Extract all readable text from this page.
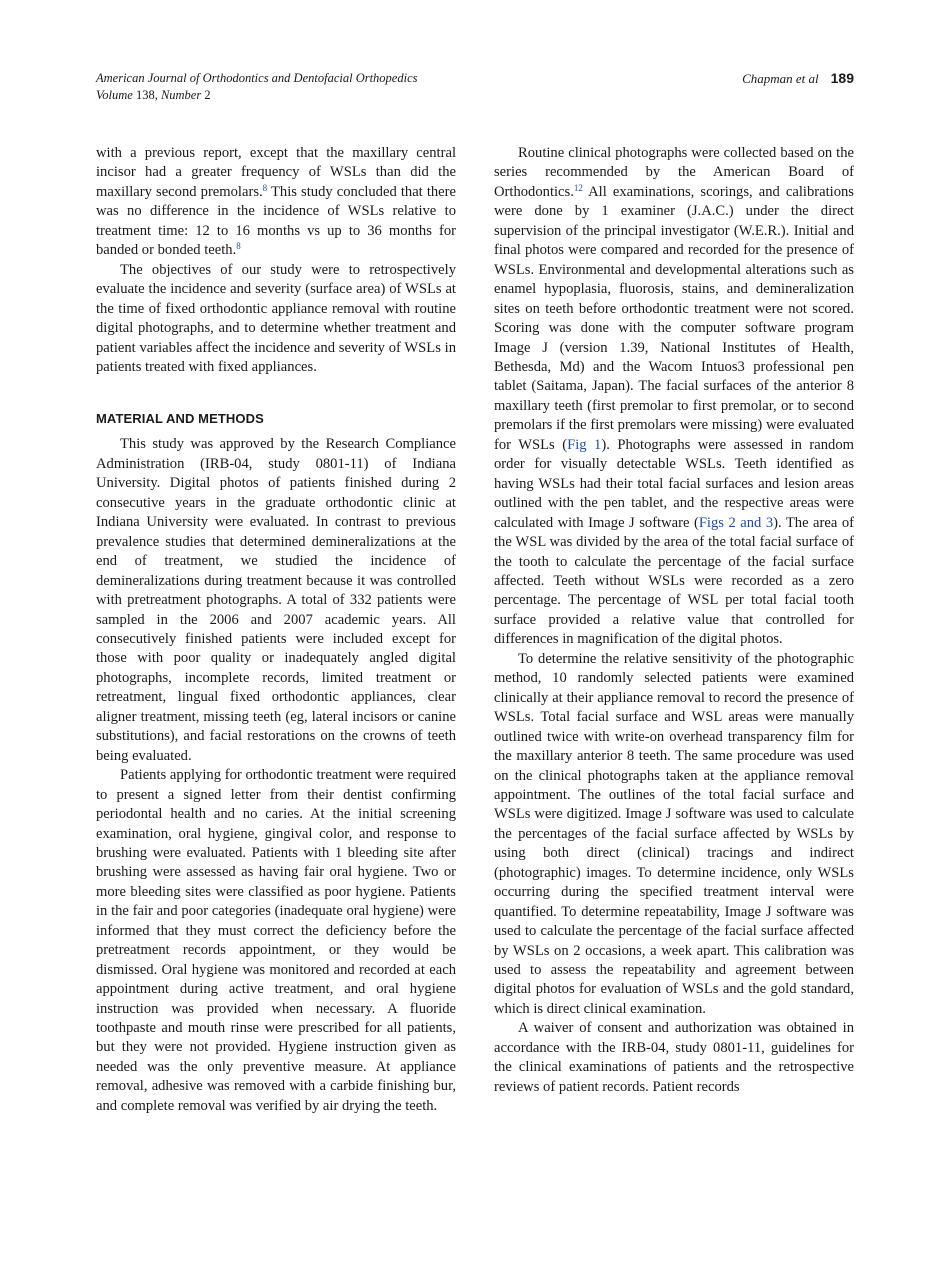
American Journal of Orthodontics and Dentofacial Orthopedics
Volume 138, Number 2
Chapman et al 189

with a previous report, except that the maxillary central incisor had a greater frequency of WSLs than did the maxillary second premolars.$^8$ This study concluded that there was no difference in the incidence of WSLs relative to treatment time: 12 to 16 months vs up to 36 months for banded or bonded teeth.$^8$

The objectives of our study were to retrospectively evaluate the incidence and severity (surface area) of WSLs at the time of fixed orthodontic appliance removal with routine digital photographs, and to determine whether treatment and patient variables affect the incidence and severity of WSLs in patients treated with fixed appliances.

MATERIAL AND METHODS

This study was approved by the Research Compliance Administration (IRB-04, study 0801-11) of Indiana University. Digital photos of patients finished during 2 consecutive years in the graduate orthodontic clinic at Indiana University were evaluated. In contrast to previous prevalence studies that determined demineralizations at the end of treatment, we studied the incidence of demineralizations during treatment because it was controlled with pretreatment photographs. A total of 332 patients were sampled in the 2006 and 2007 academic years. All consecutively finished patients were included except for those with poor quality or inadequately angled digital photographs, incomplete records, limited treatment or retreatment, lingual fixed orthodontic appliances, clear aligner treatment, missing teeth (eg, lateral incisors or canine substitutions), and facial restorations on the crowns of teeth being evaluated.

Patients applying for orthodontic treatment were required to present a signed letter from their dentist confirming periodontal health and no caries. At the initial screening examination, oral hygiene, gingival color, and response to brushing were evaluated. Patients with 1 bleeding site after brushing were assessed as having fair oral hygiene. Two or more bleeding sites were classified as poor hygiene. Patients in the fair and poor categories (inadequate oral hygiene) were informed that they must correct the deficiency before the pretreatment records appointment, or they would be dismissed. Oral hygiene was monitored and recorded at each appointment during active treatment, and oral hygiene instruction was provided when necessary. A fluoride toothpaste and mouth rinse were prescribed for all patients, but they were not provided. Hygiene instruction given as needed was the only preventive measure. At appliance removal, adhesive was removed with a carbide finishing bur, and complete removal was verified by air drying the teeth.

Routine clinical photographs were collected based on the series recommended by the American Board of Orthodontics.$^{12}$ All examinations, scorings, and calibrations were done by 1 examiner (J.A.C.) under the direct supervision of the principal investigator (W.E.R.). Initial and final photos were compared and recorded for the presence of WSLs. Environmental and developmental alterations such as enamel hypoplasia, fluorosis, stains, and demineralization sites on teeth before orthodontic treatment were not scored. Scoring was done with the computer software program Image J (version 1.39, National Institutes of Health, Bethesda, Md) and the Wacom Intuos3 professional pen tablet (Saitama, Japan). The facial surfaces of the anterior 8 maxillary teeth (first premolar to first premolar, or to second premolars if the first premolars were missing) were evaluated for WSLs (Fig 1). Photographs were assessed in random order for visually detectable WSLs. Teeth identified as having WSLs had their total facial surfaces and lesion areas outlined with the pen tablet, and the respective areas were calculated with Image J software (Figs 2 and 3). The area of the WSL was divided by the area of the total facial surface of the tooth to calculate the percentage of the facial surface affected. Teeth without WSLs were recorded as a zero percentage. The percentage of WSL per total facial tooth surface provided a relative value that controlled for differences in magnification of the digital photos.

To determine the relative sensitivity of the photographic method, 10 randomly selected patients were examined clinically at their appliance removal to record the presence of WSLs. Total facial surface and WSL areas were manually outlined twice with write-on overhead transparency film for the maxillary anterior 8 teeth. The same procedure was used on the clinical photographs taken at the appliance removal appointment. The outlines of the total facial surface and WSLs were digitized. Image J software was used to calculate the percentages of the facial surface affected by WSLs by using both direct (clinical) tracings and indirect (photographic) images. To determine incidence, only WSLs occurring during the specified treatment interval were quantified. To determine repeatability, Image J software was used to calculate the percentage of the facial surface affected by WSLs on 2 occasions, a week apart. This calibration was used to assess the repeatability and agreement between digital photos for evaluation of WSLs and the gold standard, which is direct clinical examination.

A waiver of consent and authorization was obtained in accordance with the IRB-04, study 0801-11, guidelines for the clinical examinations of patients and the retrospective reviews of patient records. Patient records
